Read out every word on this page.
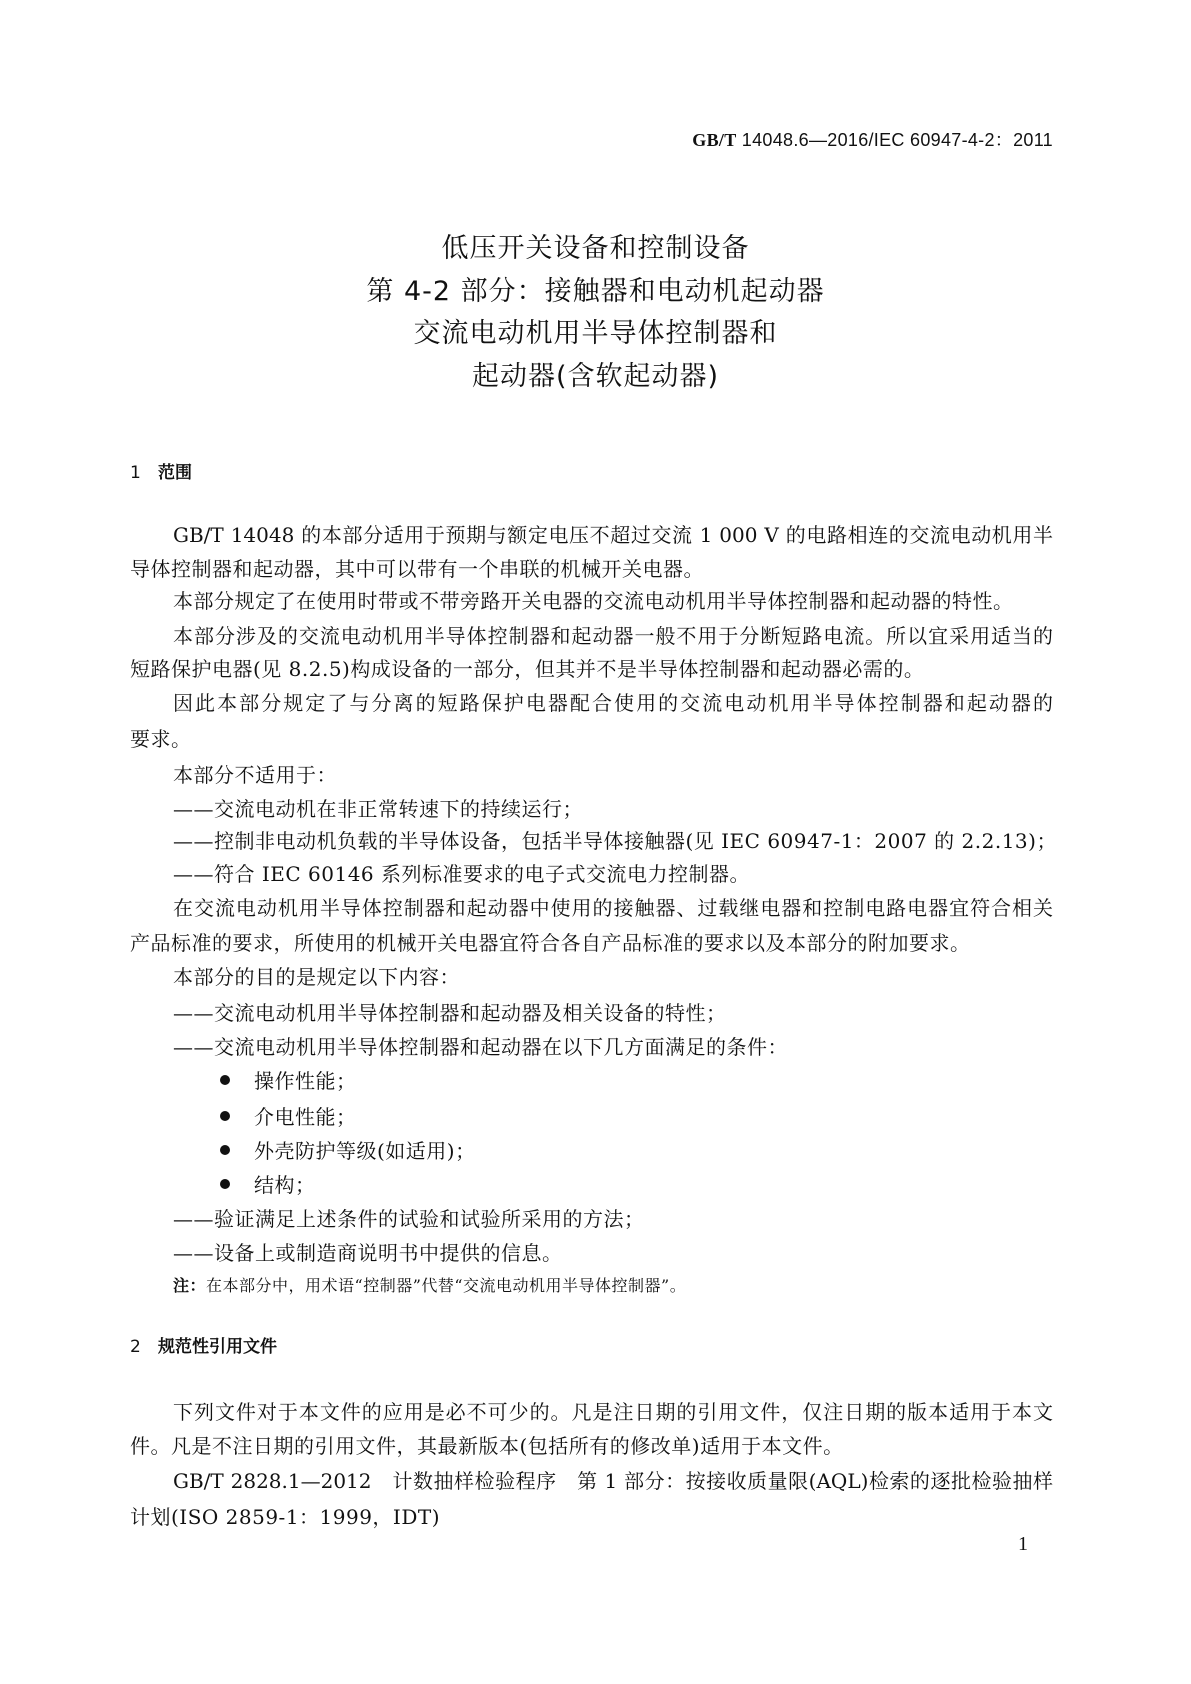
GB/T 14048.6—2016/IEC 60947-4-2：2011
低压开关设备和控制设备
第 4-2 部分：接触器和电动机起动器
交流电动机用半导体控制器和
起动器(含软起动器)
1 范围
GB/T 14048 的本部分适用于预期与额定电压不超过交流 1 000 V 的电路相连的交流电动机用半
导体控制器和起动器，其中可以带有一个串联的机械开关电器。
本部分规定了在使用时带或不带旁路开关电器的交流电动机用半导体控制器和起动器的特性。
本部分涉及的交流电动机用半导体控制器和起动器一般不用于分断短路电流。所以宜采用适当的
短路保护电器(见 8.2.5)构成设备的一部分，但其并不是半导体控制器和起动器必需的。
因此本部分规定了与分离的短路保护电器配合使用的交流电动机用半导体控制器和起动器的
要求。
本部分不适用于：
——交流电动机在非正常转速下的持续运行；
——控制非电动机负载的半导体设备，包括半导体接触器(见 IEC 60947-1：2007 的 2.2.13)；
——符合 IEC 60146 系列标准要求的电子式交流电力控制器。
在交流电动机用半导体控制器和起动器中使用的接触器、过载继电器和控制电路电器宜符合相关
产品标准的要求，所使用的机械开关电器宜符合各自产品标准的要求以及本部分的附加要求。
本部分的目的是规定以下内容：
——交流电动机用半导体控制器和起动器及相关设备的特性；
——交流电动机用半导体控制器和起动器在以下几方面满足的条件：
操作性能；
介电性能；
外壳防护等级(如适用)；
结构；
——验证满足上述条件的试验和试验所采用的方法；
——设备上或制造商说明书中提供的信息。
注：在本部分中，用术语“控制器”代替“交流电动机用半导体控制器”。
2 规范性引用文件
下列文件对于本文件的应用是必不可少的。凡是注日期的引用文件，仅注日期的版本适用于本文
件。凡是不注日期的引用文件，其最新版本(包括所有的修改单)适用于本文件。
GB/T 2828.1—2012　计数抽样检验程序　第 1 部分：按接收质量限(AQL)检索的逐批检验抽样
计划(ISO 2859-1：1999，IDT)
1
